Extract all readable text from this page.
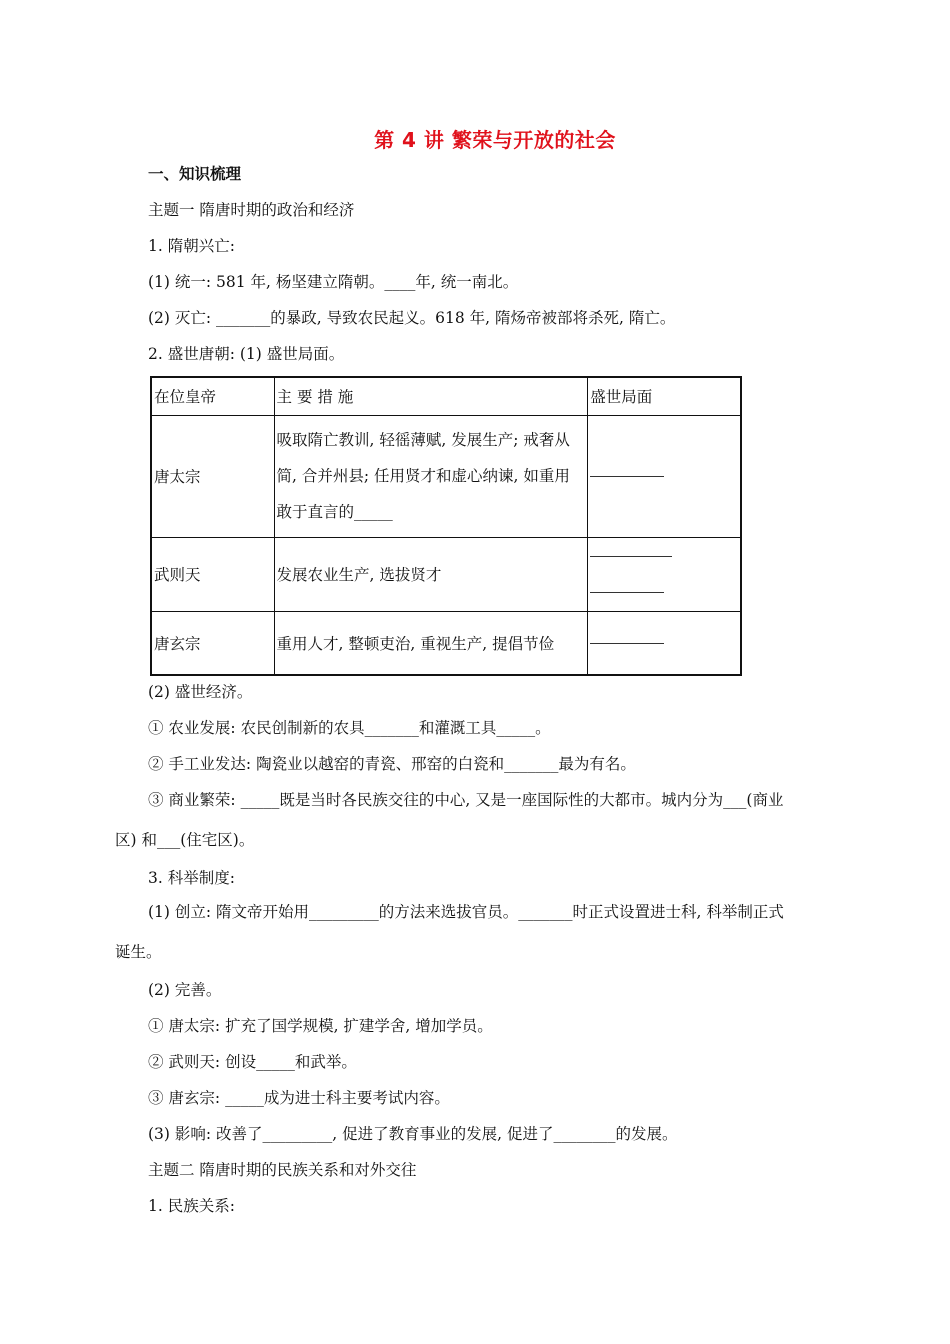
第 4 讲 繁荣与开放的社会
一、知识梳理
主题一 隋唐时期的政治和经济
1. 隋朝兴亡:
(1) 统一: 581 年, 杨坚建立隋朝。____年, 统一南北。
(2) 灭亡: _______的暴政, 导致农民起义。618 年, 隋炀帝被部将杀死, 隋亡。
2. 盛世唐朝: (1) 盛世局面。
在位皇帝	主 要 措 施	盛世局面
唐太宗	吸取隋亡教训, 轻徭薄赋, 发展生产; 戒奢从
简, 合并州县; 任用贤才和虚心纳谏, 如重用
敢于直言的_____	

武则天	发展农业生产, 选拔贤才	

唐玄宗	重用人才, 整顿吏治, 重视生产, 提倡节俭	
(2) 盛世经济。
① 农业发展: 农民创制新的农具_______和灌溉工具_____。
② 手工业发达: 陶瓷业以越窑的青瓷、邢窑的白瓷和_______最为有名。
③ 商业繁荣: _____既是当时各民族交往的中心, 又是一座国际性的大都市。城内分为___(商业
区) 和___(住宅区)。
3. 科举制度:
(1) 创立: 隋文帝开始用_________的方法来选拔官员。_______时正式设置进士科, 科举制正式
诞生。
(2) 完善。
① 唐太宗: 扩充了国学规模, 扩建学舍, 增加学员。
② 武则天: 创设_____和武举。
③ 唐玄宗: _____成为进士科主要考试内容。
(3) 影响: 改善了_________, 促进了教育事业的发展, 促进了________的发展。
主题二 隋唐时期的民族关系和对外交往
1. 民族关系:
